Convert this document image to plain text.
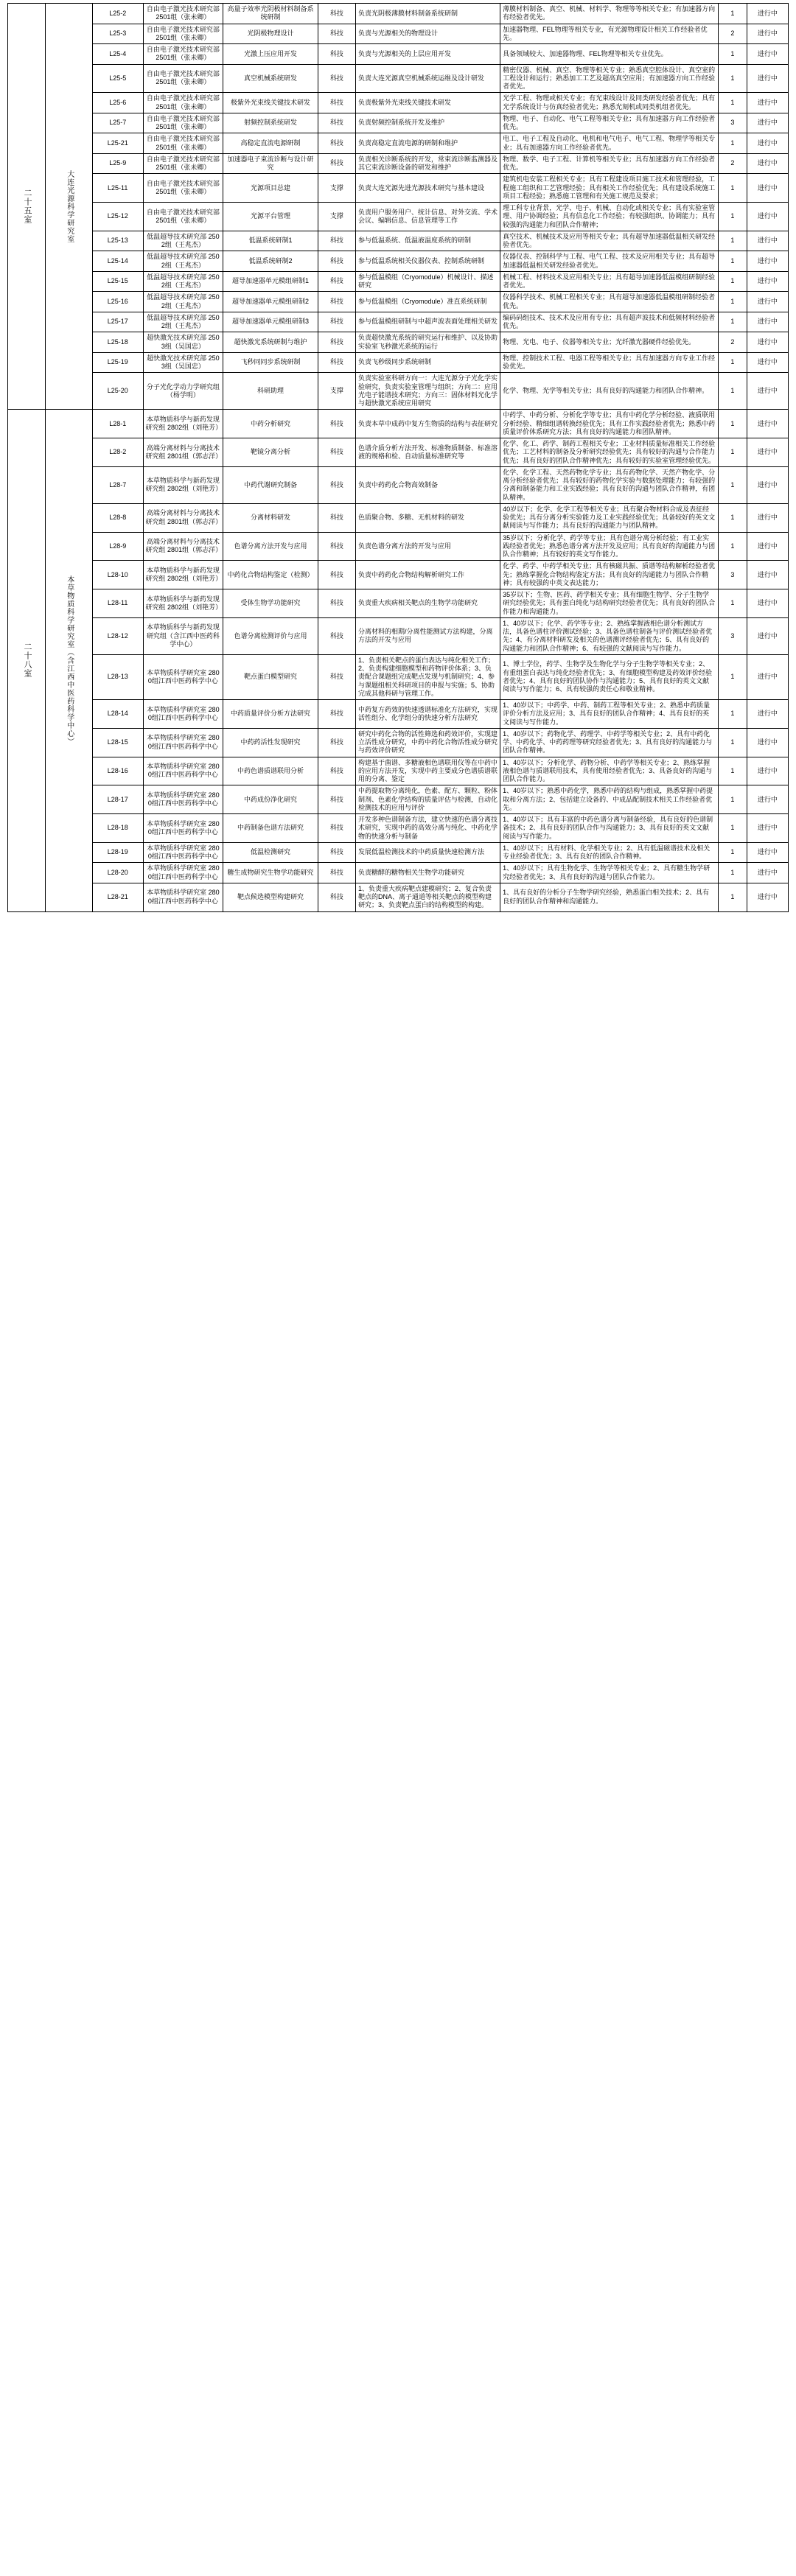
二十五室	大连光源科学研究室	L25-2	自由电子激光技术研究部 2501组（张未卿）	高量子效率光阴极材料制备系统研制	科技	负责光阴极薄膜材料制备系统研制	薄膜材料制备、真空、机械、材料学、物理等等相关专业；有加速器方向有经验者优先。	1	进行中
		L25-3	自由电子激光技术研究部 2501组（张未卿）	光阴极物理设计	科技	负责与光源相关的物理设计	加速器物理、FEL物理等相关专业，有光源物理设计相关工作经验者优先。	2	进行中
		L25-4	自由电子激光技术研究部 2501组（张未卿）	光激上压应用开发	科技	负责与光源相关的上层应用开发	具备领域较大、加速器物理、FEL物理等相关专业优先。	1	进行中
		L25-5	自由电子激光技术研究部 2501组（张未卿）	真空机械系统研发	科技	负责大连光源真空机械系统运维及设计研发	精密仪器、机械、真空、物理等相关专业；熟悉真空腔体设计、真空室的工程设计和运行；熟悉加工工艺及超高真空应用；有加速器方向工作经验者优先。	1	进行中
		L25-6	自由电子激光技术研究部 2501组（张未卿）	极紫外光束线关键技术研发	科技	负责极紫外光束线关键技术研发	光学工程、物理或相关专业；有光束线设计及同类研发经验者优先；具有光学系统设计与仿真经验者优先；熟悉光刻机或同类机组者优先。	1	进行中
		L25-7	自由电子激光技术研究部 2501组（张未卿）	射频控制系统研发	科技	负责射频控制系统开发及维护	物理、电子、自动化、电气工程等相关专业；具有加速器方向工作经验者优先。	3	进行中
		L25-21	自由电子激光技术研究部 2501组（张未卿）	高稳定直流电源研制	科技	负责高稳定直流电源的研制和维护	电工、电子工程及自动化、电机和电气电子、电气工程、物理学等相关专业；具有加速器方向工作经验者优先。	1	进行中
		L25-9	自由电子激光技术研究部 2501组（张未卿）	加速器电子束流诊断与设计研究	科技	负责相关诊断系统的开发，常束流诊断监测器及其它束流诊断设备的研发和维护	物理、数学、电子工程、计算机等相关专业；具有加速器方向工作经验者优先。	2	进行中
		L25-11	自由电子激光技术研究部 2501组（张未卿）	光源项目总建	支撑	负责大连光源先进光源技术研究与基本建设	建筑机电安装工程相关专业；具有工程建设项目施工技术和管理经验，工程施工组织和工艺管理经验；具有相关工作经验优先；具有建设系统施工项目工程经验；熟悉施工管理和有关施工规范及要求；	1	进行中
		L25-12	自由电子激光技术研究部 2501组（张未卿）	光源平台管理	支撑	负责用户服务用户、统计信息、对外交流、学术会议、编辑信息、信息管理等工作	理工科专业背景，光学、电子、机械、自动化或相关专业；具有实验室管理、用户协调经验；具有信息化工作经验；有较强组织、协调能力；具有较强的沟通能力和团队合作精神；	1	进行中
		L25-13	低温超导技术研究部 2502组（王兆杰）	低温系统研制1	科技	参与低温系统、低温液温度系统的研制	真空技术、机械技术及应用等相关专业；具有超导加速器低温相关研发经验者优先。	1	进行中
		L25-14	低温超导技术研究部 2502组（王兆杰）	低温系统研制2	科技	参与低温系统相关仪器仪表、控制系统研制	仪器仪表、控制科学与工程、电气工程、技术及应用相关专业；具有超导加速器低温相关研发经验者优先。	1	进行中
		L25-15	低温超导技术研究部 2502组（王兆杰）	超导加速器单元模组研制1	科技	参与低温模组（Cryomodule）机械设计、描述研究	机械工程、材料技术及应用相关专业；具有超导加速器低温模组研制经验者优先。	1	进行中
		L25-16	低温超导技术研究部 2502组（王兆杰）	超导加速器单元模组研制2	科技	参与低温模组（Cryomodule）准直系统研制	仪器科学技术、机械工程相关专业；具有超导加速器低温模组研制经验者优先。	1	进行中
		L25-17	低温超导技术研究部 2502组（王兆杰）	超导加速器单元模组研制3	科技	参与低温模组研制与中超声波表面处理相关研发	编码码组技术、技术术及应用有专业；具有超声波技术和低频材料经验者优先。	1	进行中
		L25-18	超快激光技术研究部 2503组（吴国忠）	超快激光系统研制与维护	科技	负责超快激光系统的研究运行和维护、以及协助实验室飞秒激光系统的运行	物理、光电、电子、仪器等相关专业；光纤激光器硬件经验优先。	2	进行中
		L25-19	超快激光技术研究部 2503组（吴国忠）	飞秒同同步系统研制	科技	负责飞秒级同步系统研制	物理、控制技术工程、电器工程等相关专业；具有加速器方向专业工作经验优先。	1	进行中
		L25-20	分子光化学动力学研究组（杨学明）	科研助理	支撑	负责实验室科研方向一：大连光源分子光化学实验研究，负责实验室管理与组织；方向二：应用光电子能谱技术研究；方向三：固体材料光化学与超快激光系统应用研究	化学、物理、光学等相关专业；具有良好的沟通能力和团队合作精神。	1	进行中
二十八室	本草物质科学研究室（含江西中医药科学中心）	L28-1	本草物质科学与新药发现研究组 2802组（刘艳芳）	中药分析研究	科技	负责本草中成药中复方生物质的结构与表征研究	中药学、中药分析、分析化学等专业；具有中药化学分析经验、液质联用分析经验、精细组谱转换经验优先；具有工作实践经验者优先；熟悉中药质量评价体系研究方法；具有良好的沟通能力和团队精神。	1	进行中
		L28-2	高端分离材料与分离技术研究组 2801组（郭志洋）	靶镜分离分析	科技	色谱介质分析方法开发、标准物质制备、标准溶液的规格和检、自动质量标准研究等	化学、化工、药学、制药工程相关专业；工业材料质量标准相关工作经验优先；工艺材料的制备及分析研究经验优先；具有较好的沟通与合作能力优先；具有良好的团队合作精神优先；具有较好的实验室管理经验优先。	1	进行中
		L28-7	本草物质科学与新药发现研究组 2802组（刘艳芳）	中药代谢研究制备	科技	负责中药药化合物高效制备	化学、化学工程、天然药物化学专业；具有药物化学、天然产物化学、分离分析经验者优先；具有较好的药物化学实验与数据处理能力；有较强的分离和制备能力和工业实践经验；具有良好的沟通与团队合作精神，有团队精神。	1	进行中
		L28-8	高端分离材料与分离技术研究组 2801组（郭志洋）	分离材料研发	科技	色质聚合物、多糖、无机材料的研发	40岁以下；化学、化学工程等相关专业；具有聚合物材料合成及表征经验优先；具有分离分析实验能力及工业实践经验优先；具备较好的英文文献阅读与写作能力；具有良好的沟通能力与团队精神。	1	进行中
		L28-9	高端分离材料与分离技术研究组 2801组（郭志洋）	色谱分离方法开发与应用	科技	负责色谱分离方法的开发与应用	35岁以下；分析化学、药学等专业；具有色谱分离分析经验；有工业实践经验者优先；熟悉色谱分离方法开发及应用；具有良好的沟通能力与团队合作精神；具有较好的英文写作能力。	1	进行中
		L28-10	本草物质科学与新药发现研究组 2802组（刘艳芳）	中药化合物结构鉴定（检测）	科技	负责中药药化合物结构解析研究工作	化学、药学、中药学相关专业；具有核磁共振、质谱等结构解析经验者优先；熟练掌握化合物结构鉴定方法；具有良好的沟通能力与团队合作精神；具有较强的中英文表达能力；	3	进行中
		L28-11	本草物质科学与新药发现研究组 2802组（刘艳芳）	受体生物学功能研究	科技	负责重大疾病相关靶点的生物学功能研究	35岁以下；生物、医药、药学相关专业；具有细胞生物学、分子生物学研究经验优先；具有蛋白纯化与结构研究经验者优先；具有良好的团队合作能力和沟通能力。	1	进行中
		L28-12	本草物质科学与新药发现研究组（含江西中医药科学中心）	色谱分离检测评价与应用	科技	分离材料的相期/分离性能测试方法构建，分离方法的开发与应用	1、40岁以下；化学、药学等专业；2、熟练掌握液相色谱分析测试方法，具备色谱柱评价测试经验；3、具备色谱柱制备与评价测试经验者优先；4、有分离材料研发及相关的色谱测评经验者优先；5、具有良好的沟通能力和团队合作精神；6、有较强的文献阅读与写作能力。	3	进行中
		L28-13	本草物质科学研究室 2800组江西中医药科学中心	靶点蛋白模型研究	科技	1、负责相关靶点的蛋白表达与纯化相关工作；2、负责构建细胞模型和药物评价体系；3、负责配合课题组完成靶点发现与机制研究；4、参与课题组相关科研项目的申报与实施；5、协助完成其他科研与管理工作。	1、博士学位，药学、生物学及生物化学与分子生物学等相关专业；2、有重组蛋白表达与纯化经验者优先；3、有细胞模型构建及药效评价经验者优先；4、具有良好的团队协作与沟通能力；5、具有良好的英文文献阅读与写作能力；6、具有较强的责任心和敬业精神。	1	进行中
		L28-14	本草物质科学研究室 2800组江西中医药科学中心	中药质量评价分析方法研究	科技	中药复方药效的快速透谱标准化方法研究，实现活性组分、化学组分的快速分析方法研究	1、40岁以下；中药学、中药、制药工程等相关专业；2、熟悉中药质量评价分析方法及应用；3、具有良好的团队合作精神；4、具有良好的英文阅读与写作能力。	1	进行中
		L28-15	本草物质科学研究室 2800组江西中医药科学中心	中药药活性发现研究	科技	研究中药化合物的活性筛选和药效评价，实现建立活性成分研究，中药中药化合物活性成分研究与药效评价研究	1、40岁以下；药物化学、药理学、中药学等相关专业；2、具有中药化学、中药化学、中药药理等研究经验者优先；3、具有良好的沟通能力与团队合作精神。	1	进行中
		L28-16	本草物质科学研究室 2800组江西中医药科学中心	中药色谱质谱联用分析	科技	构建基于菌谱、多糖液相色谱联用仪等在中药中的应用方法开发，实现中药主要成分色谱质谱联用的分离、鉴定	1、40岁以下；分析化学、药物分析、中药学等相关专业；2、熟练掌握液相色谱与质谱联用技术，具有使用经验者优先；3、具备良好的沟通与团队合作能力。	1	进行中
		L28-17	本草物质科学研究室 2800组江西中医药科学中心	中药成份净化研究	科技	中药提取物分离纯化，色素、配方、颗粒、粉体制剂、色素化学结构的质量评估与检测，自动化检测技术的应用与评价	1、40岁以下；熟悉中药化学，熟悉中药的结构与组成，熟悉掌握中药提取和分离方法；2、包括建立设备的、中成品配制技术相关工作经验者优先。	1	进行中
		L28-18	本草物质科学研究室 2800组江西中医药科学中心	中药制备色谱方法研究	科技	开发多种色谱制备方法，建立快速的色谱分离技术研究，实现中药的高效分离与纯化、中药化学物的快速分析与制备	1、40岁以下；具有丰富的中药色谱分离与制备经验，具有良好的色谱制备技术；2、具有良好的团队合作与沟通能力；3、具有良好的英文文献阅读与写作能力。	1	进行中
		L28-19	本草物质科学研究室 2800组江西中医药科学中心	低温检测研究	科技	发展低温检测技术的中药质量快速检测方法	1、40岁以下；具有材料、化学相关专业；2、具有低温磁谱技术及相关专业经验者优先；3、具有良好的团队合作精神。	1	进行中
		L28-20	本草物质科学研究室 2800组江西中医药科学中心	糖生成物研究生物学功能研究	科技	负责糖酵的糖物相关生物学功能研究	1、40岁以下；具有生物化学、生物学等相关专业；2、具有糖生物学研究经验者优先；3、具有良好的沟通与团队合作能力。	1	进行中
		L28-21	本草物质科学研究室 2800组江西中医药科学中心	靶点候选模型构建研究	科技	1、负责重大疾病靶点建模研究；2、复合负责靶点的DNA、离子通道等相关靶点的模型构建研究；3、负责靶点蛋白的结构模型的构建。	1、具有良好的分析分子生物学研究经验，熟悉蛋白相关技术；2、具有良好的团队合作精神和沟通能力。	1	进行中
